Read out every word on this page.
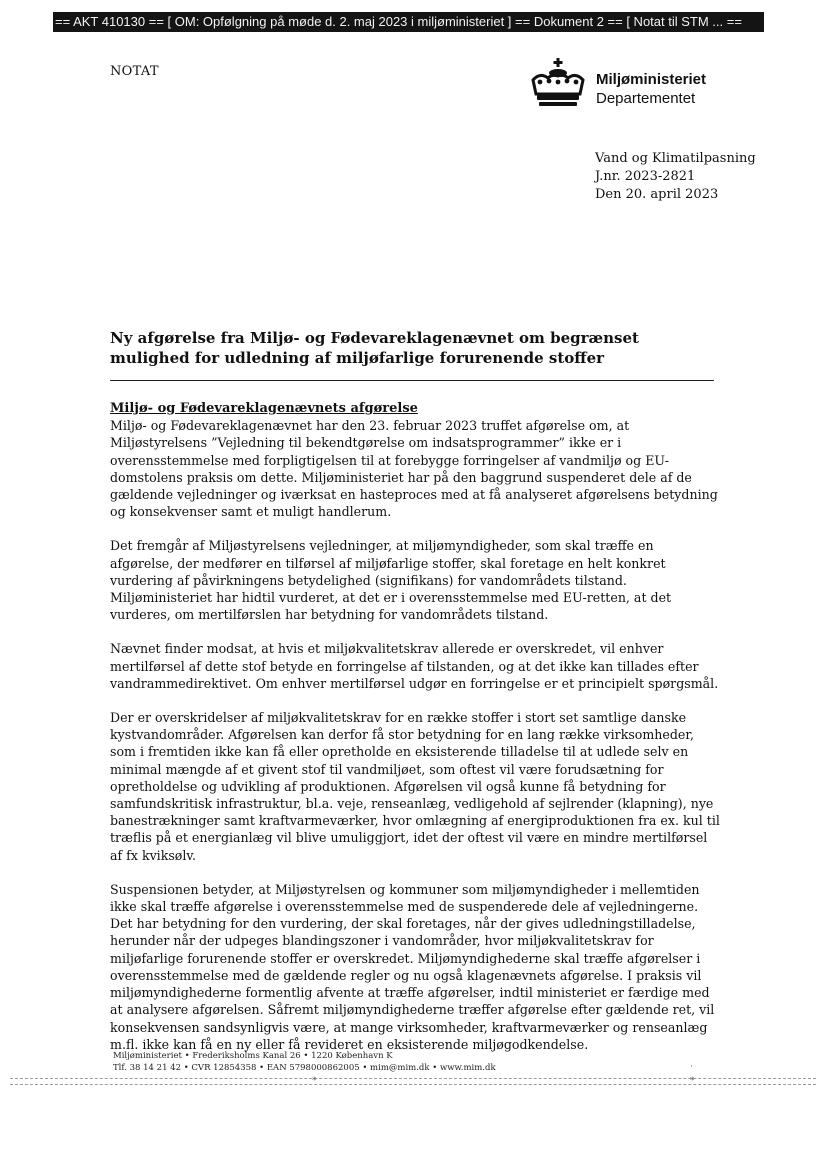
== AKT 410130 == [ OM: Opfølgning på møde d. 2. maj 2023 i miljøministeriet ] == Dokument 2 == [ Notat til STM ... ==
NOTAT	Miljøministeriet
Departementet
Vand og Klimatilpasning
J.nr. 2023-2821
Den 20. april 2023
Ny afgørelse fra Miljø- og Fødevareklagenævnet om begrænset
mulighed for udledning af miljøfarlige forurenende stoffer
Miljø- og Fødevareklagenævnets afgørelse

Miljø- og Fødevareklagenævnet har den 23. februar 2023 truffet afgørelse om, at Miljøstyrelsens ”Vejledning til bekendtgørelse om indsatsprogrammer” ikke er i overensstemmelse med forpligtigelsen til at forebygge forringelser af vandmiljø og EU-domstolens praksis om dette. Miljøministeriet har på den baggrund suspenderet dele af de gældende vejledninger og iværksat en hasteproces med at få analyseret afgørelsens betydning og konsekvenser samt et muligt handlerum.

Det fremgår af Miljøstyrelsens vejledninger, at miljømyndigheder, som skal træffe en afgørelse, der medfører en tilførsel af miljøfarlige stoffer, skal foretage en helt konkret vurdering af påvirkningens betydelighed (signifikans) for vandområdets tilstand. Miljøministeriet har hidtil vurderet, at det er i overensstemmelse med EU-retten, at det vurderes, om mertilførslen har betydning for vandområdets tilstand.

Nævnet finder modsat, at hvis et miljøkvalitetskrav allerede er overskredet, vil enhver mertilførsel af dette stof betyde en forringelse af tilstanden, og at det ikke kan tillades efter vandrammedirektivet. Om enhver mertilførsel udgør en forringelse er et principielt spørgsmål.

Der er overskridelser af miljøkvalitetskrav for en række stoffer i stort set samtlige danske kystvandområder. Afgørelsen kan derfor få stor betydning for en lang række virksomheder, som i fremtiden ikke kan få eller opretholde en eksisterende tilladelse til at udlede selv en minimal mængde af et givent stof til vandmiljøet, som oftest vil være forudsætning for opretholdelse og udvikling af produktionen. Afgørelsen vil også kunne få betydning for samfundskritisk infrastruktur, bl.a. veje, renseanlæg, vedligehold af sejlrender (klapning), nye banestrækninger samt kraftvarmeværker, hvor omlægning af energiproduktionen fra ex. kul til træflis på et energianlæg vil blive umuliggjort, idet der oftest vil være en mindre mertilførsel af fx kviksølv.

Suspensionen betyder, at Miljøstyrelsen og kommuner som miljømyndigheder i mellemtiden ikke skal træffe afgørelse i overensstemmelse med de suspenderede dele af vejledningerne. Det har betydning for den vurdering, der skal foretages, når der gives udledningstilladelse, herunder når der udpeges blandingszoner i vandområder, hvor miljøkvalitetskrav for miljøfarlige forurenende stoffer er overskredet. Miljømyndighederne skal træffe afgørelser i overensstemmelse med de gældende regler og nu også klagenævnets afgørelse. I praksis vil miljømyndighederne formentlig afvente at træffe afgørelser, indtil ministeriet er færdige med at analysere afgørelsen. Såfremt miljømyndighederne træffer afgørelse efter gældende ret, vil konsekvensen sandsynligvis være, at mange virksomheder, kraftvarmeværker og renseanlæg m.fl. ikke kan få en ny eller få revideret en eksisterende miljøgodkendelse.

Miljøministeriet • Frederiksholms Kanal 26 • 1220 København K
Tlf. 38 14 21 42 • CVR 12854358 • EAN 5798000862005 • mim@mim.dk • www.mim.dk
*
·
*
